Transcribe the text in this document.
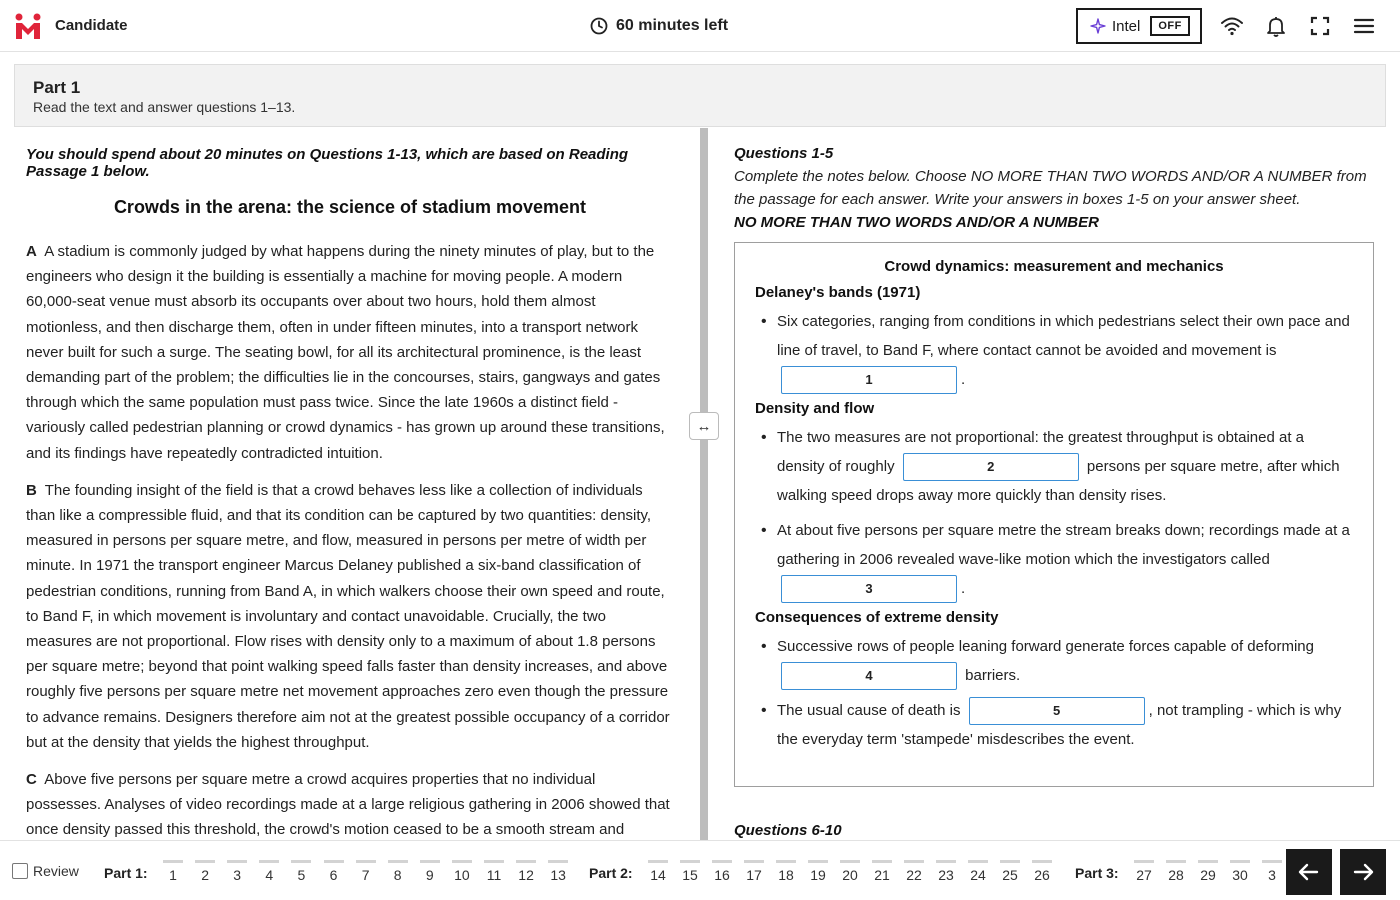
Candidate	60 minutes left	Intel	OFF
Part 1
Read the text and answer questions 1–13.
You should spend about 20 minutes on Questions 1-13, which are based on Reading Passage 1 below.
Crowds in the arena: the science of stadium movement
A A stadium is commonly judged by what happens during the ninety minutes of play, but to the engineers who design it the building is essentially a machine for moving people. A modern 60,000-seat venue must absorb its occupants over about two hours, hold them almost motionless, and then discharge them, often in under fifteen minutes, into a transport network never built for such a surge. The seating bowl, for all its architectural prominence, is the least demanding part of the problem; the difficulties lie in the concourses, stairs, gangways and gates through which the same population must pass twice. Since the late 1960s a distinct field - variously called pedestrian planning or crowd dynamics - has grown up around these transitions, and its findings have repeatedly contradicted intuition.
B The founding insight of the field is that a crowd behaves less like a collection of individuals than like a compressible fluid, and that its condition can be captured by two quantities: density, measured in persons per square metre, and flow, measured in persons per metre of width per minute. In 1971 the transport engineer Marcus Delaney published a six-band classification of pedestrian conditions, running from Band A, in which walkers choose their own speed and route, to Band F, in which movement is involuntary and contact unavoidable. Crucially, the two measures are not proportional. Flow rises with density only to a maximum of about 1.8 persons per square metre; beyond that point walking speed falls faster than density increases, and above roughly five persons per square metre net movement approaches zero even though the pressure to advance remains. Designers therefore aim not at the greatest possible occupancy of a corridor but at the density that yields the highest throughput.
C Above five persons per square metre a crowd acquires properties that no individual possesses. Analyses of video recordings made at a large religious gathering in 2006 showed that once density passed this threshold, the crowd's motion ceased to be a smooth stream and
↔
Questions 1-5
Complete the notes below. Choose NO MORE THAN TWO WORDS AND/OR A NUMBER from the passage for each answer. Write your answers in boxes 1-5 on your answer sheet.
NO MORE THAN TWO WORDS AND/OR A NUMBER
Crowd dynamics: measurement and mechanics
Delaney's bands (1971)
• Six categories, ranging from conditions in which pedestrians select their own pace and line of travel, to Band F, where contact cannot be avoided and movement is
1	.
Density and flow
• The two measures are not proportional: the greatest throughput is obtained at a density of roughly	2	persons per square metre, after which walking speed drops away more quickly than density rises.
• At about five persons per square metre the stream breaks down; recordings made at a gathering in 2006 revealed wave-like motion which the investigators called
3	.
Consequences of extreme density
• Successive rows of people leaning forward generate forces capable of deforming
4	barriers.
• The usual cause of death is	5	, not trampling - which is why the everyday term 'stampede' misdescribes the event.
Questions 6-10
Review Part 1:	1	2	3	4	5	6	7	8	9	10 11 12 13 Part 2: 14 15 16 17 18 19 20 21 22 23 24 25 26 Part 3: 27 28 29 30	3
